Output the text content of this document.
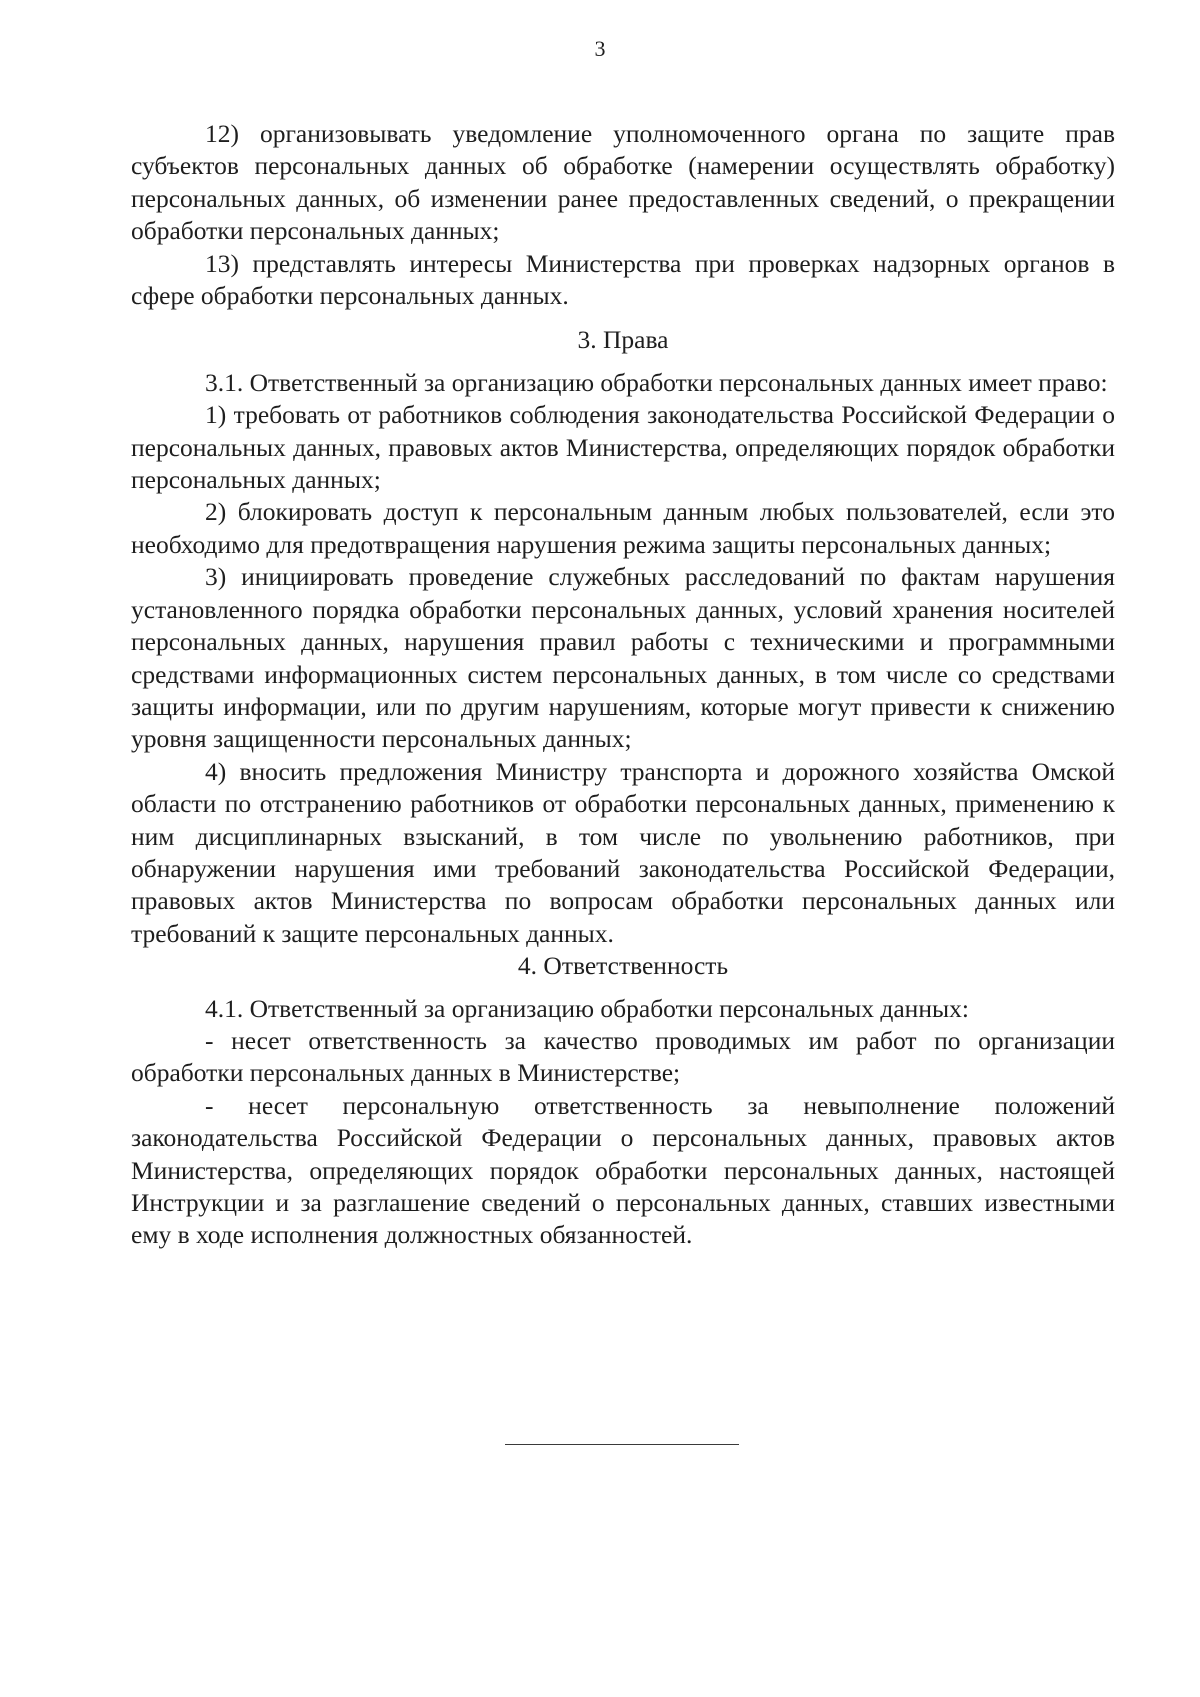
3

12) организовывать уведомление уполномоченного органа по защите прав субъектов персональных данных об обработке (намерении осуществлять обработку) персональных данных, об изменении ранее предоставленных сведений, о прекращении обработки персональных данных;

13) представлять интересы Министерства при проверках надзорных органов в сфере обработки персональных данных.

3. Права

3.1. Ответственный за организацию обработки персональных данных имеет право:

1) требовать от работников соблюдения законодательства Российской Федерации о персональных данных, правовых актов Министерства, определяющих порядок обработки персональных данных;

2) блокировать доступ к персональным данным любых пользователей, если это необходимо для предотвращения нарушения режима защиты персональных данных;

3) инициировать проведение служебных расследований по фактам нарушения установленного порядка обработки персональных данных, условий хранения носителей персональных данных, нарушения правил работы с техническими и программными средствами информационных систем персональных данных, в том числе со средствами защиты информации, или по другим нарушениям, которые могут привести к снижению уровня защищенности персональных данных;

4) вносить предложения Министру транспорта и дорожного хозяйства Омской области по отстранению работников от обработки персональных данных, применению к ним дисциплинарных взысканий, в том числе по увольнению работников, при обнаружении нарушения ими требований законодательства Российской Федерации, правовых актов Министерства по вопросам обработки персональных данных или требований к защите персональных данных.

4. Ответственность

4.1. Ответственный за организацию обработки персональных данных:

- несет ответственность за качество проводимых им работ по организации обработки персональных данных в Министерстве;

- несет персональную ответственность за невыполнение положений законодательства Российской Федерации о персональных данных, правовых актов Министерства, определяющих порядок обработки персональных данных, настоящей Инструкции и за разглашение сведений о персональных данных, ставших известными ему в ходе исполнения должностных обязанностей.
